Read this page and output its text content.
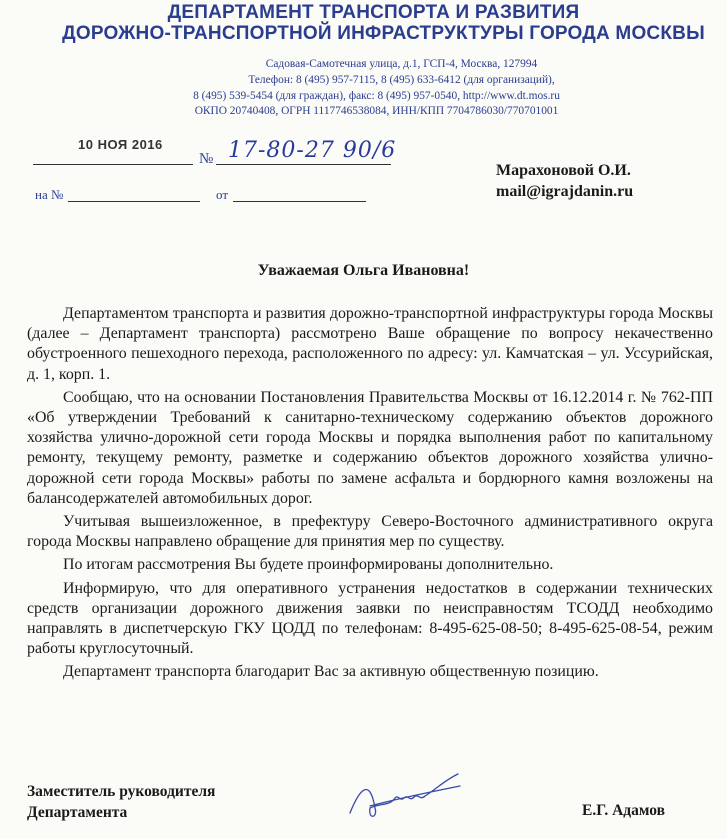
ДЕПАРТАМЕНТ ТРАНСПОРТА И РАЗВИТИЯ
ДОРОЖНО-ТРАНСПОРТНОЙ ИНФРАСТРУКТУРЫ ГОРОДА МОСКВЫ
Садовая-Самотечная улица, д.1, ГСП-4, Москва, 127994
Телефон: 8 (495) 957-7115, 8 (495) 633-6412 (для организаций),
8 (495) 539-5454 (для граждан), факс: 8 (495) 957-0540, http://www.dt.mos.ru
ОКПО 20740408, ОГРН 1117746538084, ИНН/КПП 7704786030/770701001
10 НОЯ 2016
№ 17-80-27 90/6
на №	от
Марахоновой О.И.
mail@igrajdanin.ru
Уважаемая Ольга Ивановна!

Департаментом транспорта и развития дорожно-транспортной инфраструктуры города Москвы (далее – Департамент транспорта) рассмотрено Ваше обращение по вопросу некачественно обустроенного пешеходного перехода, расположенного по адресу: ул. Камчатская – ул. Уссурийская, д. 1, корп. 1.

Сообщаю, что на основании Постановления Правительства Москвы от 16.12.2014 г. № 762-ПП «Об утверждении Требований к санитарно-техническому содержанию объектов дорожного хозяйства улично-дорожной сети города Москвы и порядка выполнения работ по капитальному ремонту, текущему ремонту, разметке и содержанию объектов дорожного хозяйства улично-дорожной сети города Москвы» работы по замене асфальта и бордюрного камня возложены на балансодержателей автомобильных дорог.

Учитывая вышеизложенное, в префектуру Северо-Восточного административного округа города Москвы направлено обращение для принятия мер по существу.

По итогам рассмотрения Вы будете проинформированы дополнительно.

Информирую, что для оперативного устранения недостатков в содержании технических средств организации дорожного движения заявки по неисправностям ТСОДД необходимо направлять в диспетчерскую ГКУ ЦОДД по телефонам: 8-495-625-08-50; 8-495-625-08-54, режим работы круглосуточный.

Департамент транспорта благодарит Вас за активную общественную позицию.

Заместитель руководителя
Департамента	Е.Г. Адамов
